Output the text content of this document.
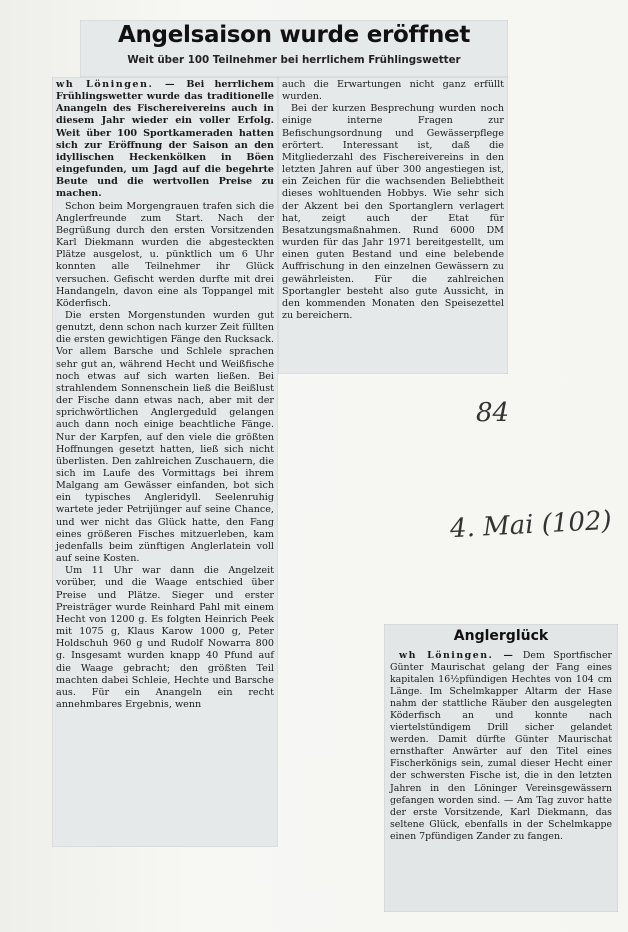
Angelsaison wurde eröffnet
Weit über 100 Teilnehmer bei herrlichem Frühlingswetter

wh Löningen. — Bei herrlichem Frühlingswetter wurde das traditionelle Anangeln des Fischereivereins auch in diesem Jahr wieder ein voller Erfolg. Weit über 100 Sportkameraden hatten sich zur Eröffnung der Saison an den idyllischen Heckenkölken in Böen eingefunden, um Jagd auf die begehrte Beute und die wertvollen Preise zu machen.

Schon beim Morgengrauen trafen sich die Anglerfreunde zum Start. Nach der Begrüßung durch den ersten Vorsitzenden Karl Diekmann wurden die abgesteckten Plätze ausgelost, u. pünktlich um 6 Uhr konnten alle Teilnehmer ihr Glück versuchen. Gefischt werden durfte mit drei Handangeln, davon eine als Toppangel mit Köderfisch.

Die ersten Morgenstunden wurden gut genutzt, denn schon nach kurzer Zeit füllten die ersten gewichtigen Fänge den Rucksack. Vor allem Barsche und Schlele sprachen sehr gut an, während Hecht und Weißfische noch etwas auf sich warten ließen. Bei strahlendem Sonnenschein ließ die Beißlust der Fische dann etwas nach, aber mit der sprichwörtlichen Anglergeduld gelangen auch dann noch einige beachtliche Fänge. Nur der Karpfen, auf den viele die größten Hoffnungen gesetzt hatten, ließ sich nicht überlisten. Den zahlreichen Zuschauern, die sich im Laufe des Vormittags bei ihrem Malgang am Gewässer einfanden, bot sich ein typisches Angleridyll. Seelenruhig wartete jeder Petrijünger auf seine Chance, und wer nicht das Glück hatte, den Fang eines größeren Fisches mitzuerleben, kam jedenfalls beim zünftigen Anglerlatein voll auf seine Kosten.

Um 11 Uhr war dann die Angelzeit vorüber, und die Waage entschied über Preise und Plätze. Sieger und erster Preisträger wurde Reinhard Pahl mit einem Hecht von 1200 g. Es folgten Heinrich Peek mit 1075 g, Klaus Karow 1000 g, Peter Holdschuh 960 g und Rudolf Nowarra 800 g. Insgesamt wurden knapp 40 Pfund auf die Waage gebracht; den größten Teil machten dabei Schleie, Hechte und Barsche aus. Für ein Anangeln ein recht annehmbares Ergebnis, wenn

auch die Erwartungen nicht ganz erfüllt wurden.

Bei der kurzen Besprechung wurden noch einige interne Fragen zur Befischungsordnung und Gewässerpflege erörtert. Interessant ist, daß die Mitgliederzahl des Fischereivereins in den letzten Jahren auf über 300 angestiegen ist, ein Zeichen für die wachsenden Beliebtheit dieses wohltuenden Hobbys. Wie sehr sich der Akzent bei den Sportanglern verlagert hat, zeigt auch der Etat für Besatzungsmaßnahmen. Rund 6000 DM wurden für das Jahr 1971 bereitgestellt, um einen guten Bestand und eine belebende Auffrischung in den einzelnen Gewässern zu gewährleisten. Für die zahlreichen Sportangler besteht also gute Aussicht, in den kommenden Monaten den Speisezettel zu bereichern.

84
4. Mai (102)
Anglerglück

wh Löningen. — Dem Sportfischer Günter Maurischat gelang der Fang eines kapitalen 16½pfündigen Hechtes von 104 cm Länge. Im Schelmkapper Altarm der Hase nahm der stattliche Räuber den ausgelegten Köderfisch an und konnte nach viertelstündigem Drill sicher gelandet werden. Damit dürfte Günter Maurischat ernsthafter Anwärter auf den Titel eines Fischerkönigs sein, zumal dieser Hecht einer der schwersten Fische ist, die in den letzten Jahren in den Löninger Vereinsgewässern gefangen worden sind. — Am Tag zuvor hatte der erste Vorsitzende, Karl Diekmann, das seltene Glück, ebenfalls in der Schelmkappe einen 7pfündigen Zander zu fangen.
